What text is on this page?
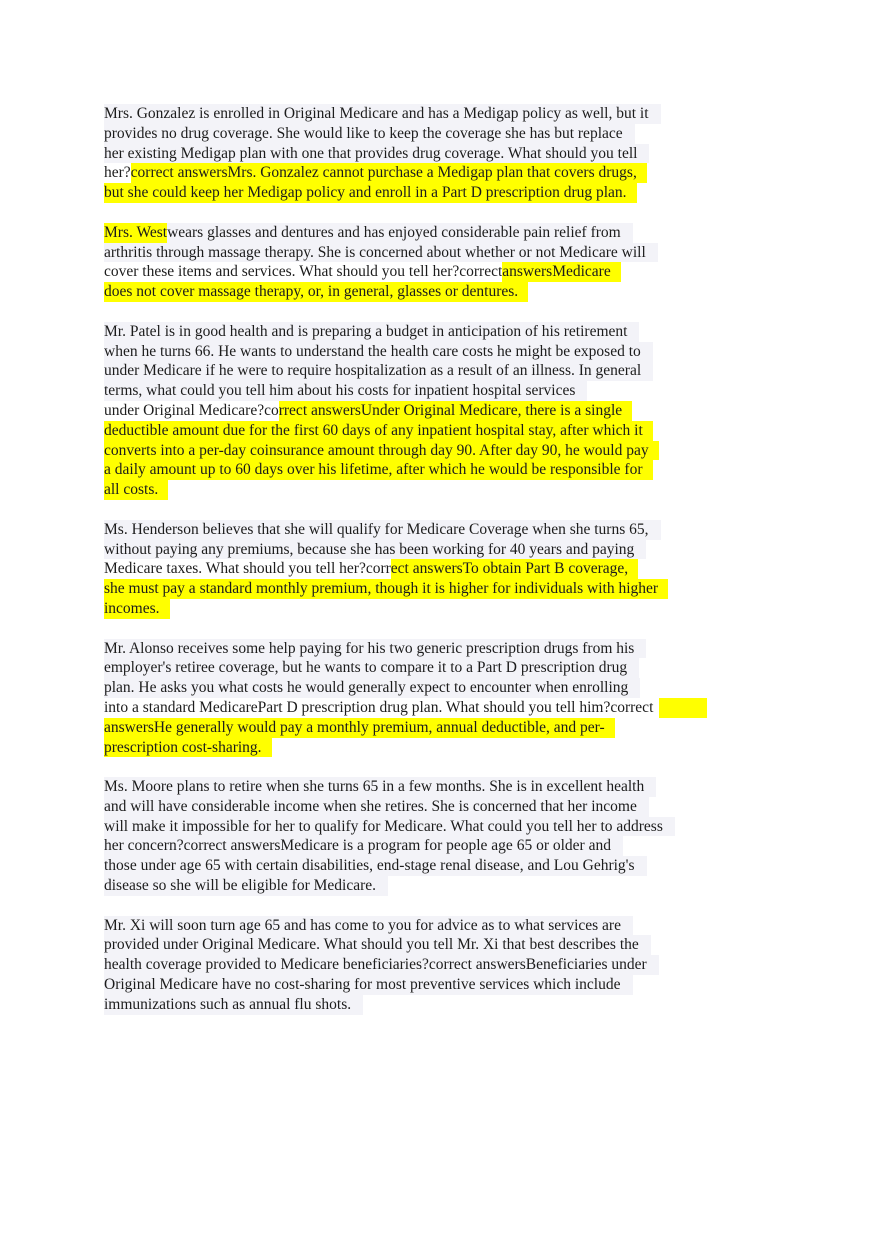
Mrs. Gonzalez is enrolled in Original Medicare and has a Medigap policy as well, but it
provides no drug coverage. She would like to keep the coverage she has but replace
her existing Medigap plan with one that provides drug coverage. What should you tell
her?correct answersMrs. Gonzalez cannot purchase a Medigap plan that covers drugs,
but she could keep her Medigap policy and enroll in a Part D prescription drug plan.
Mrs. Westwears glasses and dentures and has enjoyed considerable pain relief from
arthritis through massage therapy. She is concerned about whether or not Medicare will
cover these items and services. What should you tell her?correctanswersMedicare
does not cover massage therapy, or, in general, glasses or dentures.
Mr. Patel is in good health and is preparing a budget in anticipation of his retirement
when he turns 66. He wants to understand the health care costs he might be exposed to
under Medicare if he were to require hospitalization as a result of an illness. In general
terms, what could you tell him about his costs for inpatient hospital services
under Original Medicare?correct answersUnder Original Medicare, there is a single
deductible amount due for the first 60 days of any inpatient hospital stay, after which it
converts into a per-day coinsurance amount through day 90. After day 90, he would pay
a daily amount up to 60 days over his lifetime, after which he would be responsible for
all costs.
Ms. Henderson believes that she will qualify for Medicare Coverage when she turns 65,
without paying any premiums, because she has been working for 40 years and paying
Medicare taxes. What should you tell her?correct answersTo obtain Part B coverage,
she must pay a standard monthly premium, though it is higher for individuals with higher
incomes.
Mr. Alonso receives some help paying for his two generic prescription drugs from his
employer's retiree coverage, but he wants to compare it to a Part D prescription drug
plan. He asks you what costs he would generally expect to encounter when enrolling
into a standard MedicarePart D prescription drug plan. What should you tell him?correct
answersHe generally would pay a monthly premium, annual deductible, and per-
prescription cost-sharing.
Ms. Moore plans to retire when she turns 65 in a few months. She is in excellent health
and will have considerable income when she retires. She is concerned that her income
will make it impossible for her to qualify for Medicare. What could you tell her to address
her concern?correct answersMedicare is a program for people age 65 or older and
those under age 65 with certain disabilities, end-stage renal disease, and Lou Gehrig's
disease so she will be eligible for Medicare.
Mr. Xi will soon turn age 65 and has come to you for advice as to what services are
provided under Original Medicare. What should you tell Mr. Xi that best describes the
health coverage provided to Medicare beneficiaries?correct answersBeneficiaries under
Original Medicare have no cost-sharing for most preventive services which include
immunizations such as annual flu shots.
